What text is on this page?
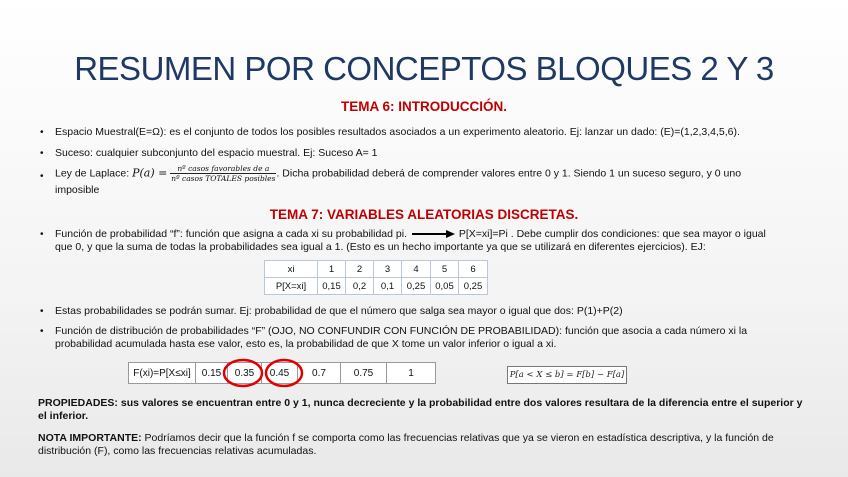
RESUMEN POR CONCEPTOS BLOQUES 2 Y 3
TEMA 6: INTRODUCCIÓN.
• Espacio Muestral(E=Ω): es el conjunto de todos los posibles resultados asociados a un experimento aleatorio. Ej: lanzar un dado: (E)=(1,2,3,4,5,6).
• Suceso: cualquier subconjunto del espacio muestral. Ej: Suceso A= 1
• Ley de Laplace: $P(a) = \frac{\text{nº casos favorables de a}}{\text{nº casos TOTALES posibles}}$ . Dicha probabilidad deberá de comprender valores entre 0 y 1. Siendo 1 un suceso seguro, y 0 uno
imposible
TEMA 7: VARIABLES ALEATORIAS DISCRETAS.
• Función de probabilidad “f”: función que asigna a cada xi su probabilidad pi.	P[X=xi]=Pi . Debe cumplir dos condiciones: que sea mayor o igual
que 0, y que la suma de todas la probabilidades sea igual a 1. (Esto es un hecho importante ya que se utilizará en diferentes ejercicios). EJ:
xi	1	2	3	4	5	6
P[X=xi]	0,15	0,2	0,1	0,25	0,05	0,25
• Estas probabilidades se podrán sumar. Ej: probabilidad de que el número que salga sea mayor o igual que dos: P(1)+P(2)
• Función de distribución de probabilidades “F” (OJO, NO CONFUNDIR CON FUNCIÓN DE PROBABILIDAD): función que asocia a cada número xi la
probabilidad acumulada hasta ese valor, esto es, la probabilidad de que X tome un valor inferior o igual a xi.
F(xi)=P[X≤xi]	0.15	0.35	0.45	0.7	0.75	1	P[a < X ≤ b] = F[b] − F[a]
PROPIEDADES: sus valores se encuentran entre 0 y 1, nunca decreciente y la probabilidad entre dos valores resultara de la diferencia entre el superior y el inferior.
NOTA IMPORTANTE: Podríamos decir que la función f se comporta como las frecuencias relativas que ya se vieron en estadística descriptiva, y la función de distribución (F), como las frecuencias relativas acumuladas.
